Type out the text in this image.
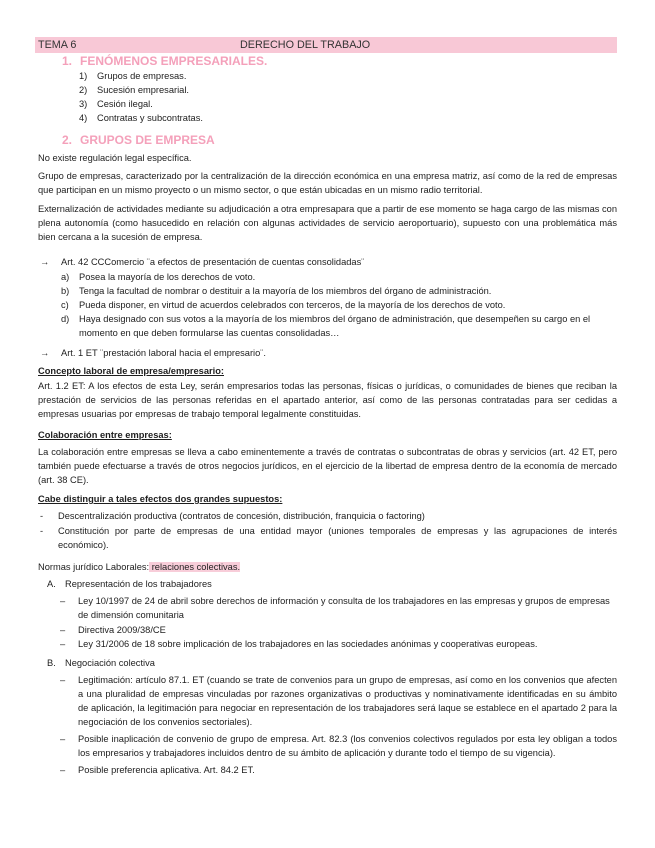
TEMA 6	DERECHO DEL TRABAJO
1. FENÓMENOS EMPRESARIALES.
1)	Grupos de empresas.
2)	Sucesión empresarial.
3)	Cesión ilegal.
4)	Contratas y subcontratas.
2. GRUPOS DE EMPRESA
No existe regulación legal específica.
Grupo de empresas, caracterizado por la centralización de la dirección económica en una empresa matriz, así como de la red de empresas que participan en un mismo proyecto o un mismo sector, o que están ubicadas en un mismo radio territorial.
Externalización de actividades mediante su adjudicación a otra empresapara que a partir de ese momento se haga cargo de las mismas con plena autonomía (como hasucedido en relación con algunas actividades de servicio aeroportuario), supuesto con una problemática más bien cercana a la sucesión de empresa.
→	Art. 42 CCComercio ¨a efectos de presentación de cuentas consolidadas¨
a)	Posea la mayoría de los derechos de voto.
b)	Tenga la facultad de nombrar o destituir a la mayoría de los miembros del órgano de administración.
c)	Pueda disponer, en virtud de acuerdos celebrados con terceros, de la mayoría de los derechos de voto.
d)	Haya designado con sus votos a la mayoría de los miembros del órgano de administración, que desempeñen su cargo en el momento en que deben formularse las cuentas consolidadas…
→	Art. 1 ET ¨prestación laboral hacia el empresario¨.
Concepto laboral de empresa/empresario:
Art. 1.2 ET: A los efectos de esta Ley, serán empresarios todas las personas, físicas o jurídicas, o comunidades de bienes que reciban la prestación de servicios de las personas referidas en el apartado anterior, así como de las personas contratadas para ser cedidas a empresas usuarias por empresas de trabajo temporal legalmente constituidas.
Colaboración entre empresas:
La colaboración entre empresas se lleva a cabo eminentemente a través de contratas o subcontratas de obras y servicios (art. 42 ET, pero también puede efectuarse a través de otros negocios jurídicos, en el ejercicio de la libertad de empresa dentro de la economía de mercado (art. 38 CE).
Cabe distinguir a tales efectos dos grandes supuestos:
-	Descentralización productiva (contratos de concesión, distribución, franquicia o factoring)
-	Constitución por parte de empresas de una entidad mayor (uniones temporales de empresas y las agrupaciones de interés económico).
Normas jurídico Laborales: relaciones colectivas.
A. Representación de los trabajadores
–	Ley 10/1997 de 24 de abril sobre derechos de información y consulta de los trabajadores en las empresas y grupos de empresas de dimensión comunitaria
–	Directiva 2009/38/CE
–	Ley 31/2006 de 18 sobre implicación de los trabajadores en las sociedades anónimas y cooperativas europeas.
B. Negociación colectiva
–	Legitimación: artículo 87.1. ET (cuando se trate de convenios para un grupo de empresas, así como en los convenios que afecten a una pluralidad de empresas vinculadas por razones organizativas o productivas y nominativamente identificadas en su ámbito de aplicación, la legitimación para negociar en representación de los trabajadores será laque se establece en el apartado 2 para la negociación de los convenios sectoriales).
–	Posible inaplicación de convenio de grupo de empresa. Art. 82.3 (los convenios colectivos regulados por esta ley obligan a todos los empresarios y trabajadores incluidos dentro de su ámbito de aplicación y durante todo el tiempo de su vigencia).
–	Posible preferencia aplicativa. Art. 84.2 ET.
